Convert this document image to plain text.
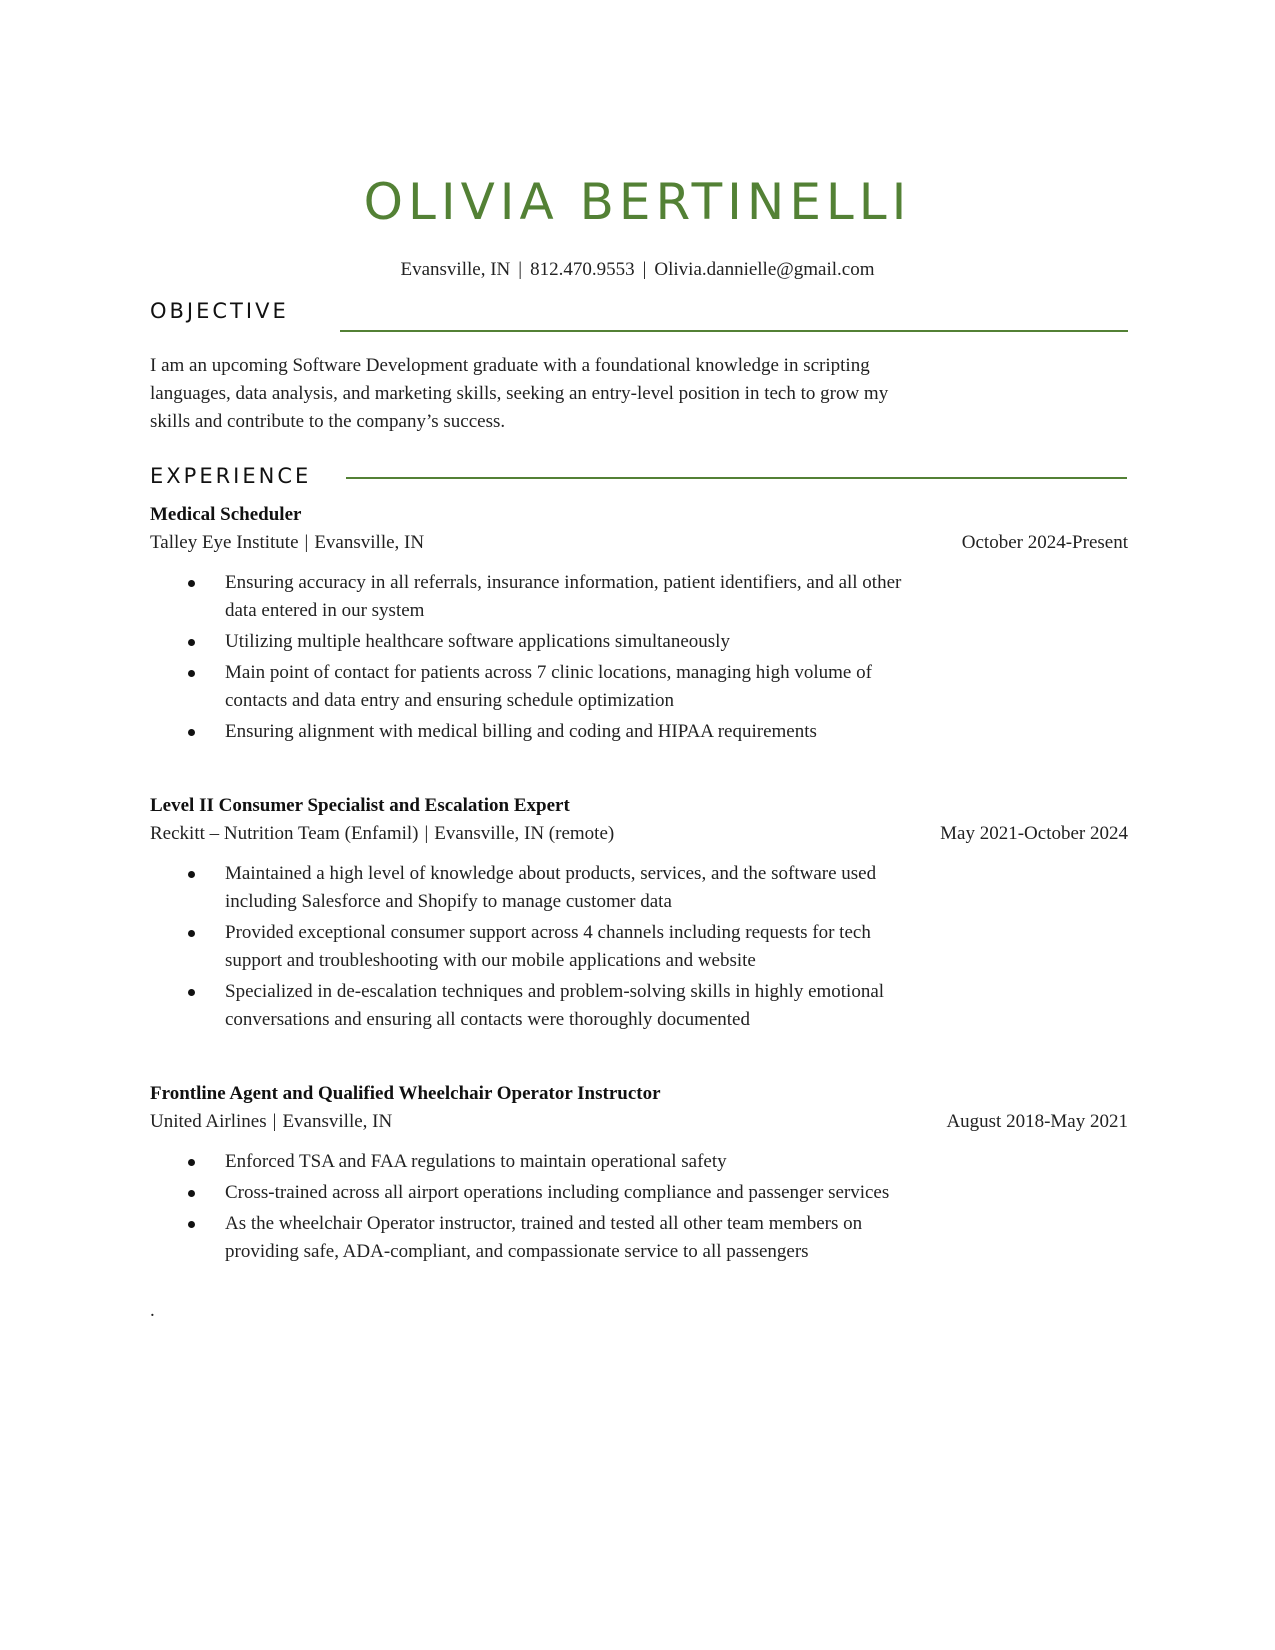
OLIVIA BERTINELLI
Evansville, IN | 812.470.9553 | Olivia.dannielle@gmail.com
OBJECTIVE
I am an upcoming Software Development graduate with a foundational knowledge in scripting languages, data analysis, and marketing skills, seeking an entry-level position in tech to grow my skills and contribute to the company’s success.
EXPERIENCE
Medical Scheduler
Talley Eye Institute | Evansville, IN	October 2024-Present
Ensuring accuracy in all referrals, insurance information, patient identifiers, and all other data entered in our system
Utilizing multiple healthcare software applications simultaneously
Main point of contact for patients across 7 clinic locations, managing high volume of contacts and data entry and ensuring schedule optimization
Ensuring alignment with medical billing and coding and HIPAA requirements
Level II Consumer Specialist and Escalation Expert
Reckitt – Nutrition Team (Enfamil) | Evansville, IN (remote)	May 2021-October 2024
Maintained a high level of knowledge about products, services, and the software used including Salesforce and Shopify to manage customer data
Provided exceptional consumer support across 4 channels including requests for tech support and troubleshooting with our mobile applications and website
Specialized in de-escalation techniques and problem-solving skills in highly emotional conversations and ensuring all contacts were thoroughly documented
Frontline Agent and Qualified Wheelchair Operator Instructor
United Airlines | Evansville, IN	August 2018-May 2021
Enforced TSA and FAA regulations to maintain operational safety
Cross-trained across all airport operations including compliance and passenger services
As the wheelchair Operator instructor, trained and tested all other team members on providing safe, ADA-compliant, and compassionate service to all passengers
.
